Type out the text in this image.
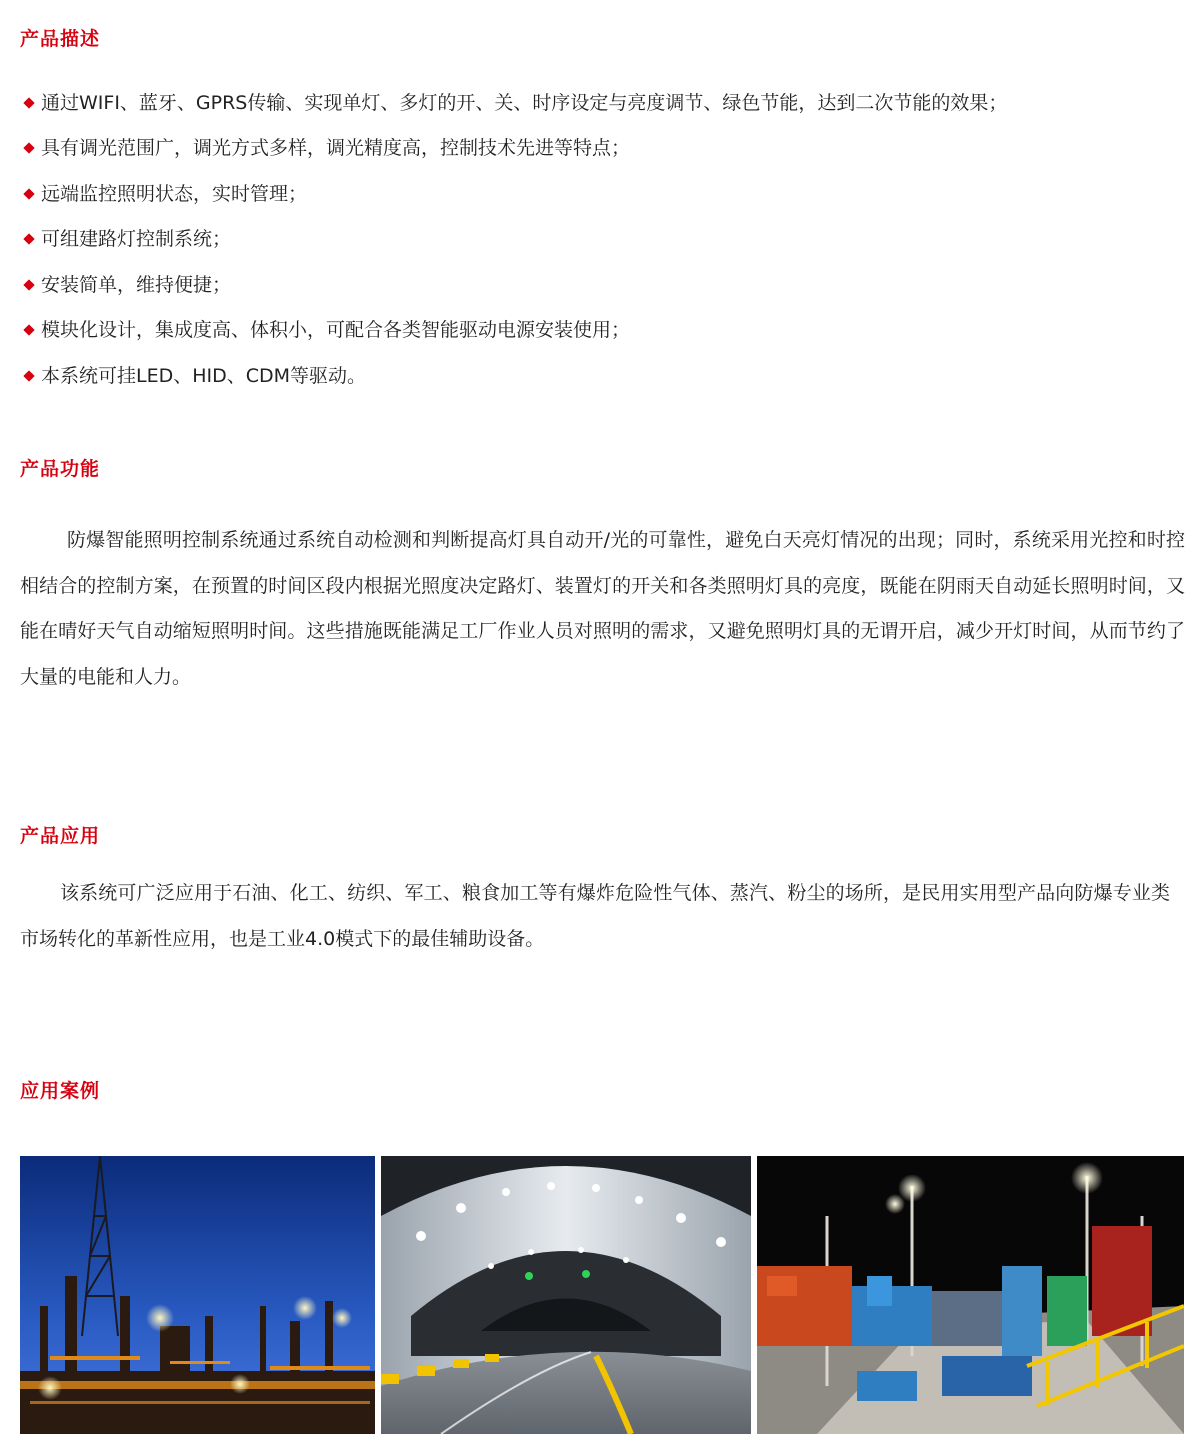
产品描述
通过WIFI、蓝牙、GPRS传输、实现单灯、多灯的开、关、时序设定与亮度调节、绿色节能，达到二次节能的效果；
具有调光范围广，调光方式多样，调光精度高，控制技术先进等特点；
远端监控照明状态，实时管理；
可组建路灯控制系统；
安装简单，维持便捷；
模块化设计，集成度高、体积小，可配合各类智能驱动电源安装使用；
本系统可挂LED、HID、CDM等驱动。
产品功能

防爆智能照明控制系统通过系统自动检测和判断提高灯具自动开/光的可靠性，避免白天亮灯情况的出现；同时，系统采用光控和时控相结合的控制方案，在预置的时间区段内根据光照度决定路灯、装置灯的开关和各类照明灯具的亮度，既能在阴雨天自动延长照明时间，又能在晴好天气自动缩短照明时间。这些措施既能满足工厂作业人员对照明的需求，又避免照明灯具的无谓开启，减少开灯时间，从而节约了大量的电能和人力。

产品应用

该系统可广泛应用于石油、化工、纺织、军工、粮食加工等有爆炸危险性气体、蒸汽、粉尘的场所，是民用实用型产品向防爆专业类市场转化的革新性应用，也是工业4.0模式下的最佳辅助设备。

应用案例
